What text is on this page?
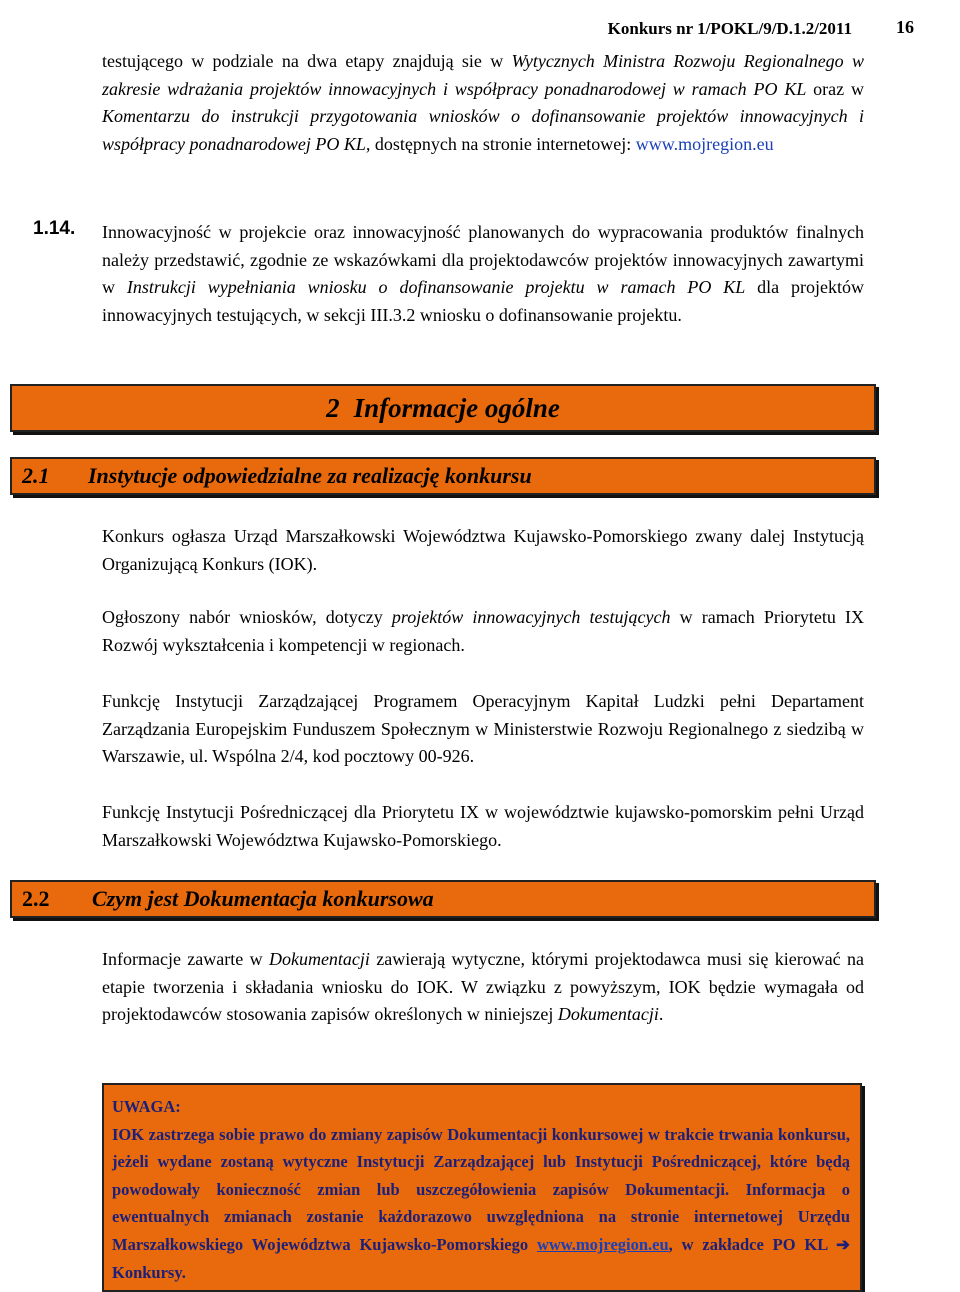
Konkurs nr 1/POKL/9/D.1.2/2011 16
testującego w podziale na dwa etapy znajdują sie w Wytycznych Ministra Rozwoju Regionalnego w zakresie wdrażania projektów innowacyjnych i współpracy ponadnarodowej w ramach PO KL oraz w Komentarzu do instrukcji przygotowania wniosków o dofinansowanie projektów innowacyjnych i współpracy ponadnarodowej PO KL, dostępnych na stronie internetowej: www.mojregion.eu
1.14. Innowacyjność w projekcie oraz innowacyjność planowanych do wypracowania produktów finalnych należy przedstawić, zgodnie ze wskazówkami dla projektodawców projektów innowacyjnych zawartymi w Instrukcji wypełniania wniosku o dofinansowanie projektu w ramach PO KL dla projektów innowacyjnych testujących, w sekcji III.3.2 wniosku o dofinansowanie projektu.
2 Informacje ogólne
2.1 Instytucje odpowiedzialne za realizację konkursu
Konkurs ogłasza Urząd Marszałkowski Województwa Kujawsko-Pomorskiego zwany dalej Instytucją Organizującą Konkurs (IOK).
Ogłoszony nabór wniosków, dotyczy projektów innowacyjnych testujących w ramach Priorytetu IX Rozwój wykształcenia i kompetencji w regionach.
Funkcję Instytucji Zarządzającej Programem Operacyjnym Kapitał Ludzki pełni Departament Zarządzania Europejskim Funduszem Społecznym w Ministerstwie Rozwoju Regionalnego z siedzibą w Warszawie, ul. Wspólna 2/4, kod pocztowy 00-926.
Funkcję Instytucji Pośredniczącej dla Priorytetu IX w województwie kujawsko-pomorskim pełni Urząd Marszałkowski Województwa Kujawsko-Pomorskiego.
2.2 Czym jest Dokumentacja konkursowa
Informacje zawarte w Dokumentacji zawierają wytyczne, którymi projektodawca musi się kierować na etapie tworzenia i składania wniosku do IOK. W związku z powyższym, IOK będzie wymagała od projektodawców stosowania zapisów określonych w niniejszej Dokumentacji.
UWAGA:
IOK zastrzega sobie prawo do zmiany zapisów Dokumentacji konkursowej w trakcie trwania konkursu, jeżeli wydane zostaną wytyczne Instytucji Zarządzającej lub Instytucji Pośredniczącej, które będą powodowały konieczność zmian lub uszczegółowienia zapisów Dokumentacji. Informacja o ewentualnych zmianach zostanie każdorazowo uwzględniona na stronie internetowej Urzędu Marszałkowskiego Województwa Kujawsko-Pomorskiego www.mojregion.eu, w zakładce PO KL ➔ Konkursy.
